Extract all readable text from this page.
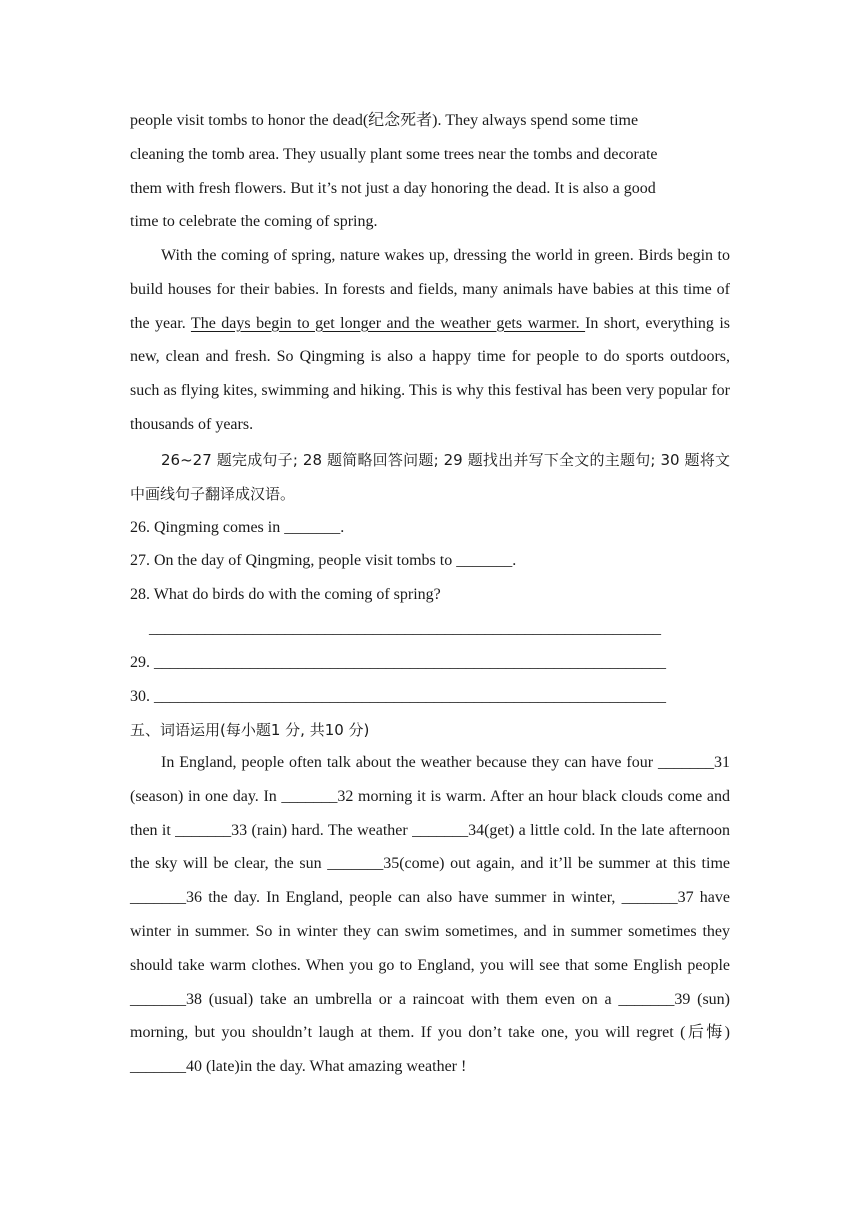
people visit tombs to honor the dead(纪念死者). They always spend some time
cleaning the tomb area. They usually plant some trees near the tombs and decorate
them with fresh flowers. But it’s not just a day honoring the dead. It is also a good
time to celebrate the coming of spring.

With the coming of spring, nature wakes up, dressing the world in green. Birds begin to build houses for their babies. In forests and fields, many animals have babies at this time of the year. The days begin to get longer and the weather gets warmer. In short, everything is new, clean and fresh. So Qingming is also a happy time for people to do sports outdoors, such as flying kites, swimming and hiking. This is why this festival has been very popular for thousands of years.

26~27 题完成句子; 28 题简略回答问题; 29 题找出并写下全文的主题句; 30 题将文中画线句子翻译成汉语。

26. Qingming comes in _______.
27. On the day of Qingming, people visit tombs to _______.
28. What do birds do with the coming of spring?
________________________________________________________________
29. ________________________________________________________________
30. ________________________________________________________________
五、词语运用(每小题1 分, 共10 分)

In England, people often talk about the weather because they can have four _______31 (season) in one day. In _______32 morning it is warm. After an hour black clouds come and then it _______33 (rain) hard. The weather _______34(get) a little cold. In the late afternoon the sky will be clear, the sun _______35(come) out again, and it’ll be summer at this time _______36 the day. In England, people can also have summer in winter, _______37 have winter in summer. So in winter they can swim sometimes, and in summer sometimes they should take warm clothes. When you go to England, you will see that some English people _______38 (usual) take an umbrella or a raincoat with them even on a _______39 (sun) morning, but you shouldn’t laugh at them. If you don’t take one, you will regret (后悔) _______40 (late)in the day. What amazing weather !
